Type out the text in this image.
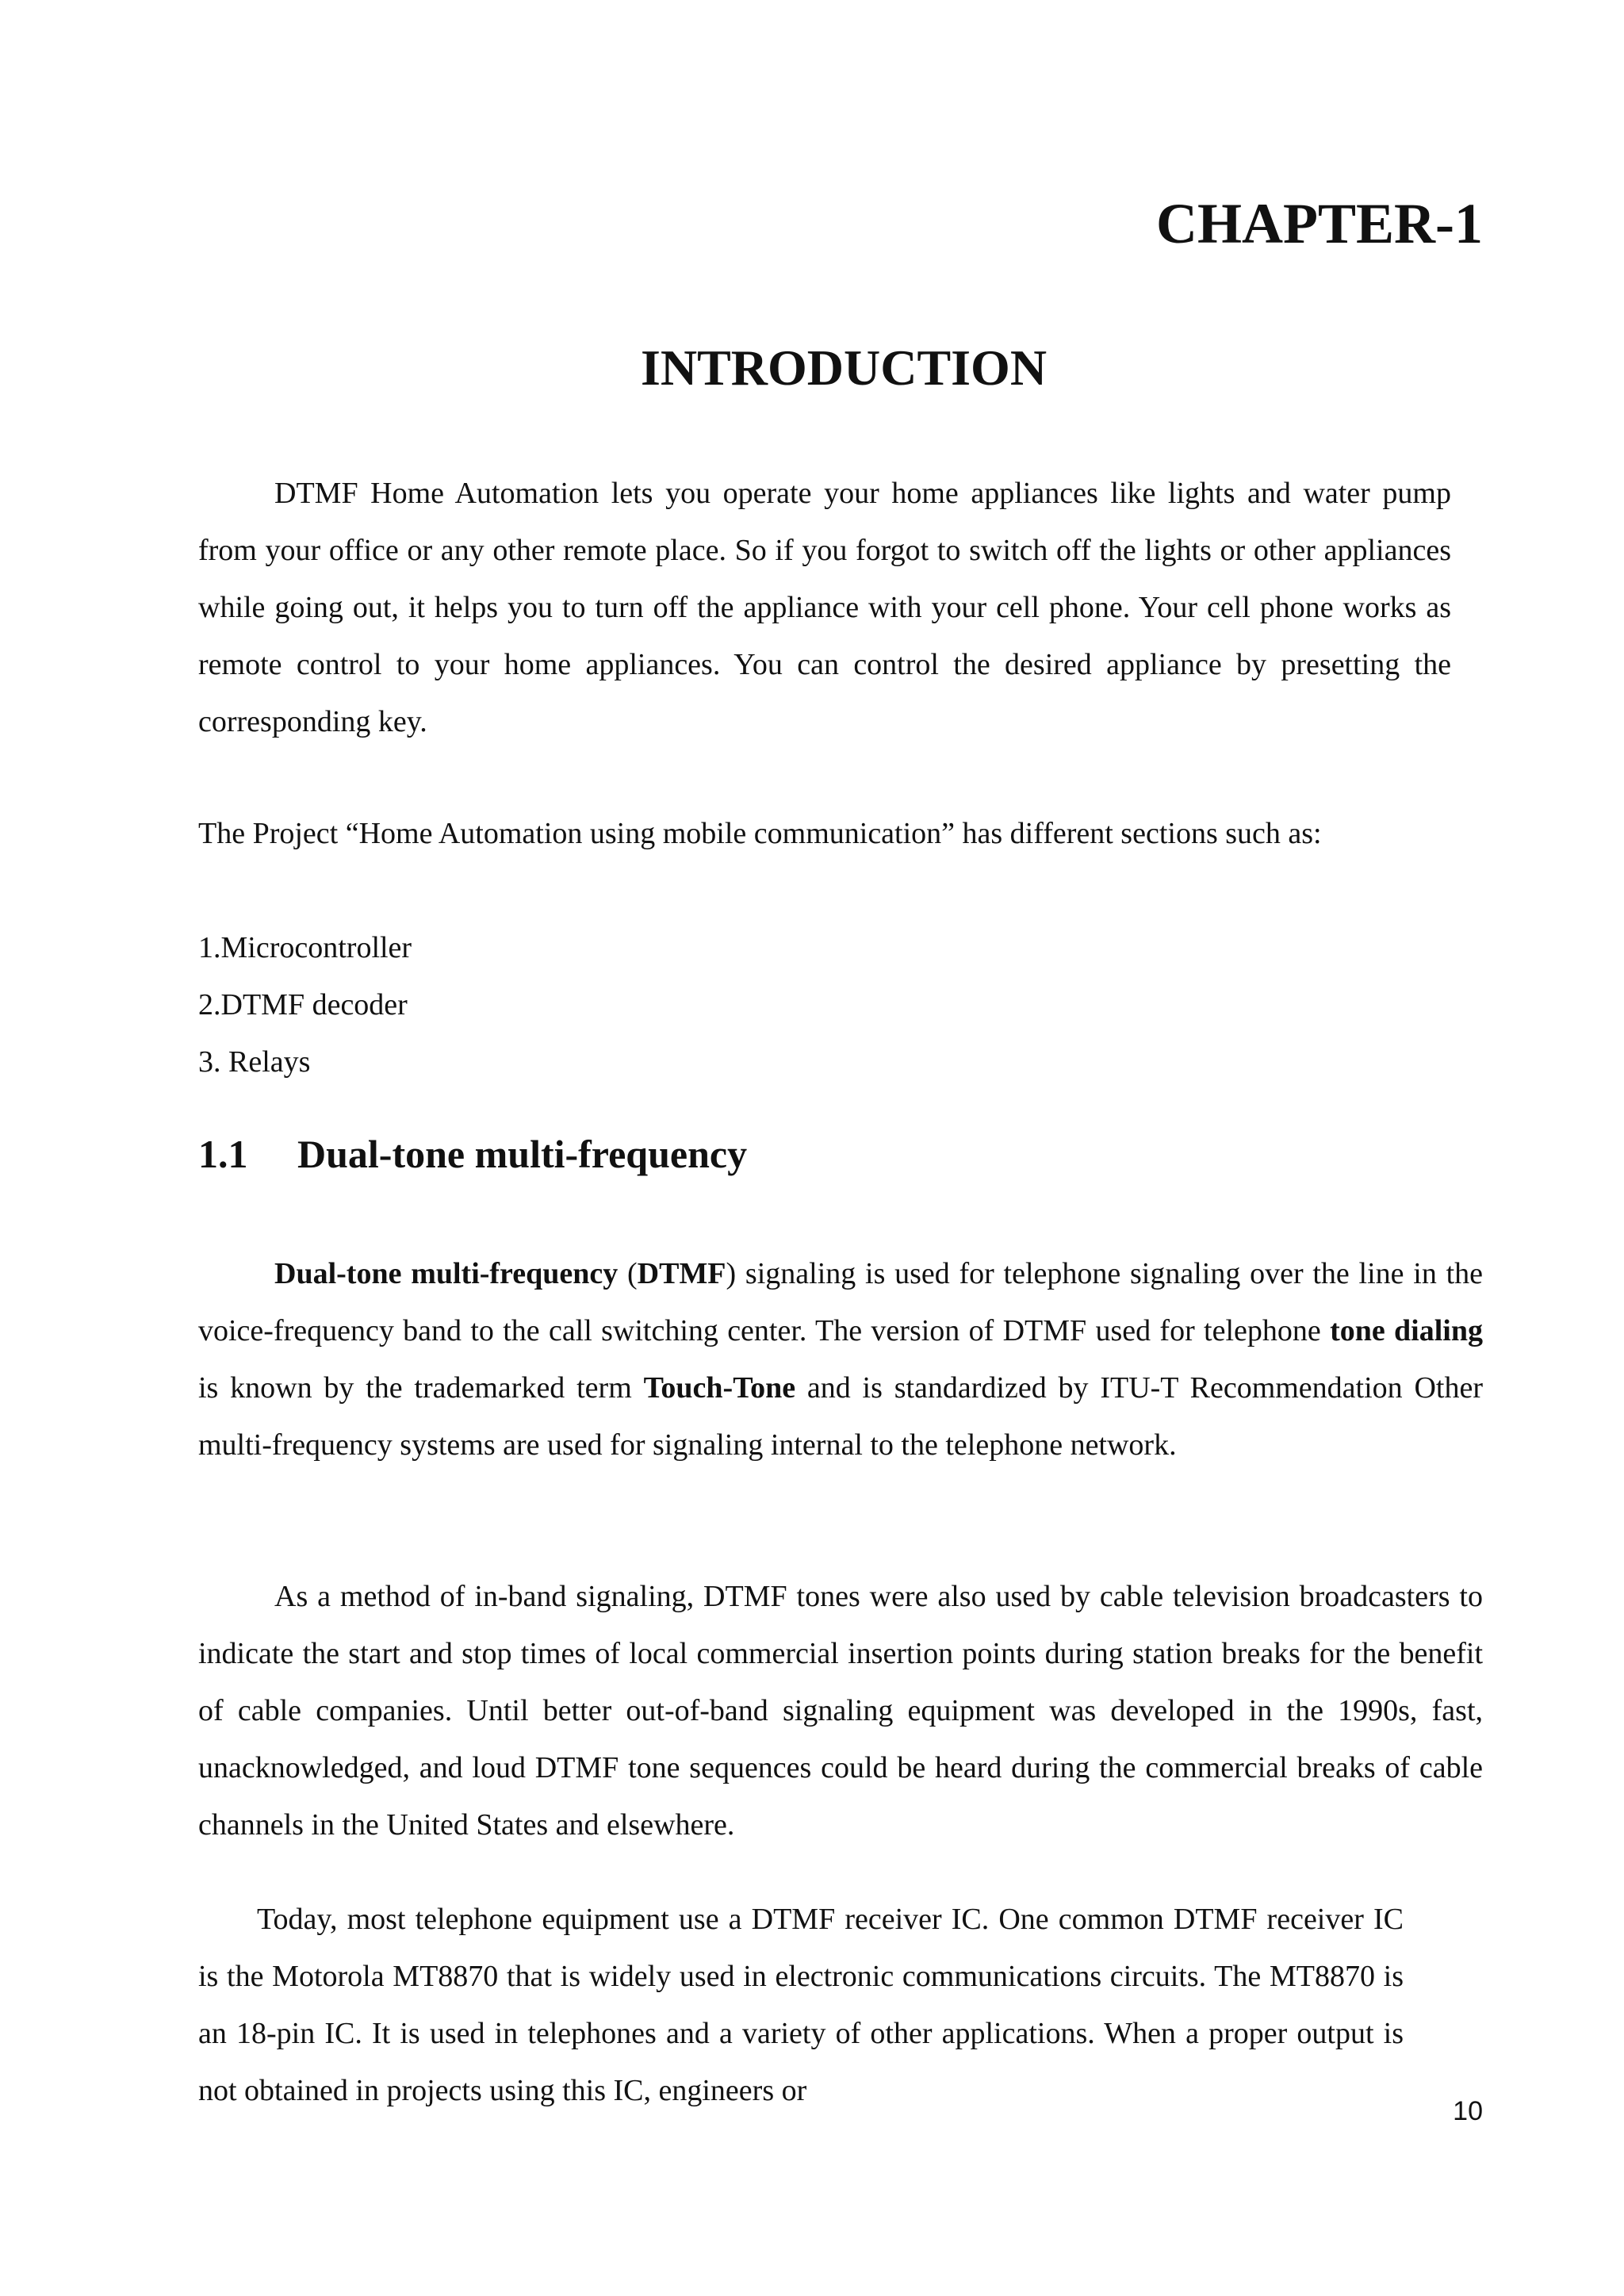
CHAPTER-1
INTRODUCTION

DTMF Home Automation lets you operate your home appliances like lights and water pump from your office or any other remote place. So if you forgot to switch off the lights or other appliances while going out, it helps you to turn off the appliance with your cell phone. Your cell phone works as remote control to your home appliances. You can control the desired appliance by presetting the corresponding key.

The Project “Home Automation using mobile communication” has different sections such as:

1.Microcontroller
2.DTMF decoder
3. Relays
1.1 Dual-tone multi-frequency

Dual-tone multi-frequency (DTMF) signaling is used for telephone signaling over the line in the voice-frequency band to the call switching center. The version of DTMF used for telephone tone dialing is known by the trademarked term Touch-Tone and is standardized by ITU-T Recommendation Other multi-frequency systems are used for signaling internal to the telephone network.

As a method of in-band signaling, DTMF tones were also used by cable television broadcasters to indicate the start and stop times of local commercial insertion points during station breaks for the benefit of cable companies. Until better out-of-band signaling equipment was developed in the 1990s, fast, unacknowledged, and loud DTMF tone sequences could be heard during the commercial breaks of cable channels in the United States and elsewhere.

Today, most telephone equipment use a DTMF receiver IC. One common DTMF receiver IC is the Motorola MT8870 that is widely used in electronic communications circuits. The MT8870 is an 18-pin IC. It is used in telephones and a variety of other applications. When a proper output is not obtained in projects using this IC, engineers or

10
